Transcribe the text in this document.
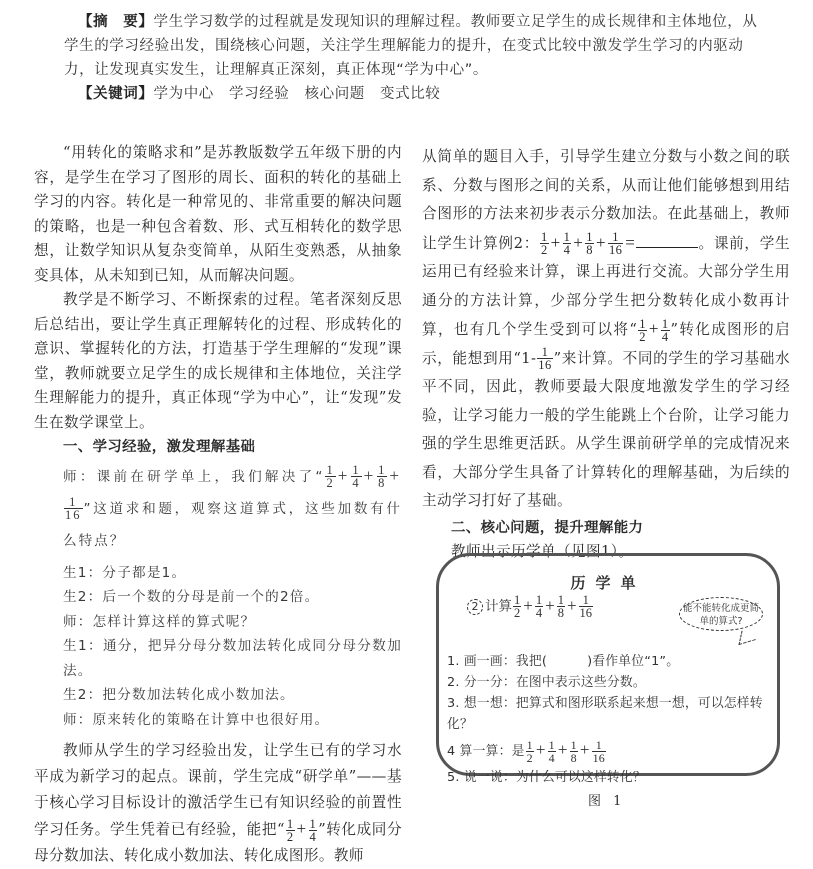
【摘　要】学生学习数学的过程就是发现知识的理解过程。教师要立足学生的成长规律和主体地位，从学生的学习经验出发，围绕核心问题，关注学生理解能力的提升，在变式比较中激发学生学习的内驱动力，让发现真实发生，让理解真正深刻，真正体现“学为中心”。

【关键词】学为中心　学习经验　核心问题　变式比较

“用转化的策略求和”是苏教版数学五年级下册的内容，是学生在学习了图形的周长、面积的转化的基础上学习的内容。转化是一种常见的、非常重要的解决问题的策略，也是一种包含着数、形、式互相转化的数学思想，让数学知识从复杂变简单，从陌生变熟悉，从抽象变具体，从未知到已知，从而解决问题。

教学是不断学习、不断探索的过程。笔者深刻反思后总结出，要让学生真正理解转化的过程、形成转化的意识、掌握转化的方法，打造基于学生理解的“发现”课堂，教师就要立足学生的成长规律和主体地位，关注学生理解能力的提升，真正体现“学为中心”，让“发现”发生在数学课堂上。

一、学习经验，激发理解基础

师：课前在研学单上，我们解决了“ $\frac{1}{2} + \frac{1}{4} + \frac{1}{8}$ +
$\frac{1}{16}$ ”这道求和题，观察这道算式，这些加数有什么特点？

生1：分子都是1。

生2：后一个数的分母是前一个的2倍。

师：怎样计算这样的算式呢？

生1：通分，把异分母分数加法转化成同分母分数加法。

生2：把分数加法转化成小数加法。

师：原来转化的策略在计算中也很好用。

教师从学生的学习经验出发，让学生已有的学习水平成为新学习的起点。课前，学生完成“研学单”——基于核心学习目标设计的激活学生已有知识经验的前置性学习任务。学生凭着已有经验，能把“ $\frac{1}{2} + \frac{1}{4}$ ”转化成同分母分数加法、转化成小数加法、转化成图形。教师

从简单的题目入手，引导学生建立分数与小数之间的联系、分数与图形之间的关系，从而让他们能够想到用结合图形的方法来初步表示分数加法。在此基础上，教师让学生计算例2： $\frac{1}{2} + \frac{1}{4} + \frac{1}{8} + \frac{1}{16}$ =	。课前，学生运用已有经验来计算，课上再进行交流。大部分学生用通分的方法计算，少部分学生把分数转化成小数再计算，也有几个学生受到可以将“ $\frac{1}{2} + \frac{1}{4}$ ”转化成图形的启示，能想到用“$1- \frac{1}{16}$ ”来计算。不同的学生的学习基础水平不同，因此，教师要最大限度地激发学生的学习经验，让学习能力一般的学生能跳上个台阶，让学习能力强的学生思维更活跃。从学生课前研学单的完成情况来看，大部分学生具备了计算转化的理解基础，为后续的主动学习打好了基础。

二、核心问题，提升理解能力

教师出示历学单（见图1）。

历学单
2 计算 $\frac{1}{2} + \frac{1}{4} + \frac{1}{8} + \frac{1}{16}$	能不能转化成更简单的算式?

1. 画一画：我把(	)看作单位“1”。

2. 分一分：在图中表示这些分数。

3. 想一想：把算式和图形联系起来想一想，可以怎样转化？

4 算一算：是 $\frac{1}{2} + \frac{1}{4} + \frac{1}{8} + \frac{1}{16}$

5. 说一说：为什么可以这样转化？

图 1
